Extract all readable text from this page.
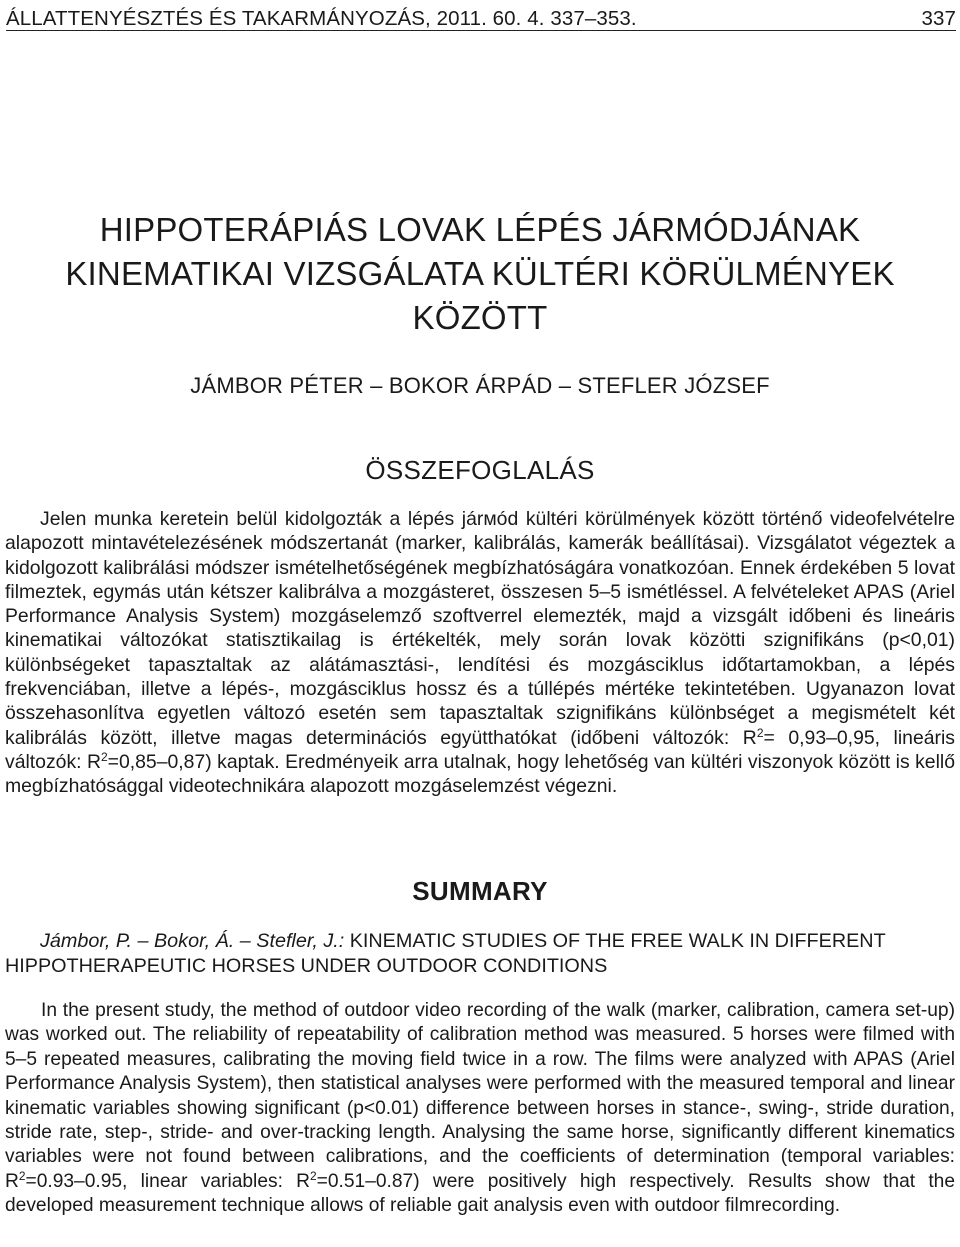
ÁLLATTENYÉSZTÉS ÉS TAKARMÁNYOZÁS, 2011. 60. 4. 337–353.	337
HIPPOTERÁPIÁS LOVAK LÉPÉS JÁRMÓDJÁNAK
KINEMATIKAI VIZSGÁLATA KÜLTÉRI KÖRÜLMÉNYEK
KÖZÖTT
JÁMBOR PÉTER – BOKOR ÁRPÁD – STEFLER JÓZSEF
ÖSSZEFOGLALÁS
Jelen munka keretein belül kidolgozták a lépés járмód kültéri körülmények között történő videofelvételre alapozott mintavételezésének módszertanát (marker, kalibrálás, kamerák beállításai). Vizsgálatot végeztek a kidolgozott kalibrálási módszer ismételhetőségének megbízhatóságára vonatkozóan. Ennek érdekében 5 lovat filmeztek, egymás után kétszer kalibrálva a mozgásteret, összesen 5–5 ismétléssel. A felvételeket APAS (Ariel Performance Analysis System) mozgáselemző szoftverrel elemezték, majd a vizsgált időbeni és lineáris kinematikai változókat statisztikailag is értékelték, mely során lovak közötti szignifikáns (p<0,01) különbségeket tapasztaltak az alátámasztási-, lendítési és mozgásciklus időtartamokban, a lépés frekvenciában, illetve a lépés-, mozgásciklus hossz és a túllépés mértéke tekintetében. Ugyanazon lovat összehasonlítva egyetlen változó esetén sem tapasztaltak szignifikáns különbséget a megismételt két kalibrálás között, illetve magas determinációs együtthatókat (időbeni változók: $R^2= 0,93-0,95$, lineáris változók: $R^2=0,85-0,87$) kaptak. Eredményeik arra utalnak, hogy lehetőség van kültéri viszonyok között is kellő megbízhatósággal videotechnikára alapozott mozgáselemzést végezni.
SUMMARY
Jámbor, P. – Bokor, Á. – Stefler, J.: KINEMATIC STUDIES OF THE FREE WALK IN DIFFERENT HIPPOTHERAPEUTIC HORSES UNDER OUTDOOR CONDITIONS
In the present study, the method of outdoor video recording of the walk (marker, calibration, camera set-up) was worked out. The reliability of repeatability of calibration method was measured. 5 horses were filmed with 5–5 repeated measures, calibrating the moving field twice in a row. The films were analyzed with APAS (Ariel Performance Analysis System), then statistical analyses were performed with the measured temporal and linear kinematic variables showing significant (p<0.01) difference between horses in stance-, swing-, stride duration, stride rate, step-, stride- and over-tracking length. Analysing the same horse, significantly different kinematics variables were not found between calibrations, and the coefficients of determination (temporal variables: $R^2=0.93-0.95$, linear variables: $R^2=0.51-0.87$) were positively high respectively. Results show that the developed measurement technique allows of reliable gait analysis even with outdoor filmrecording.
